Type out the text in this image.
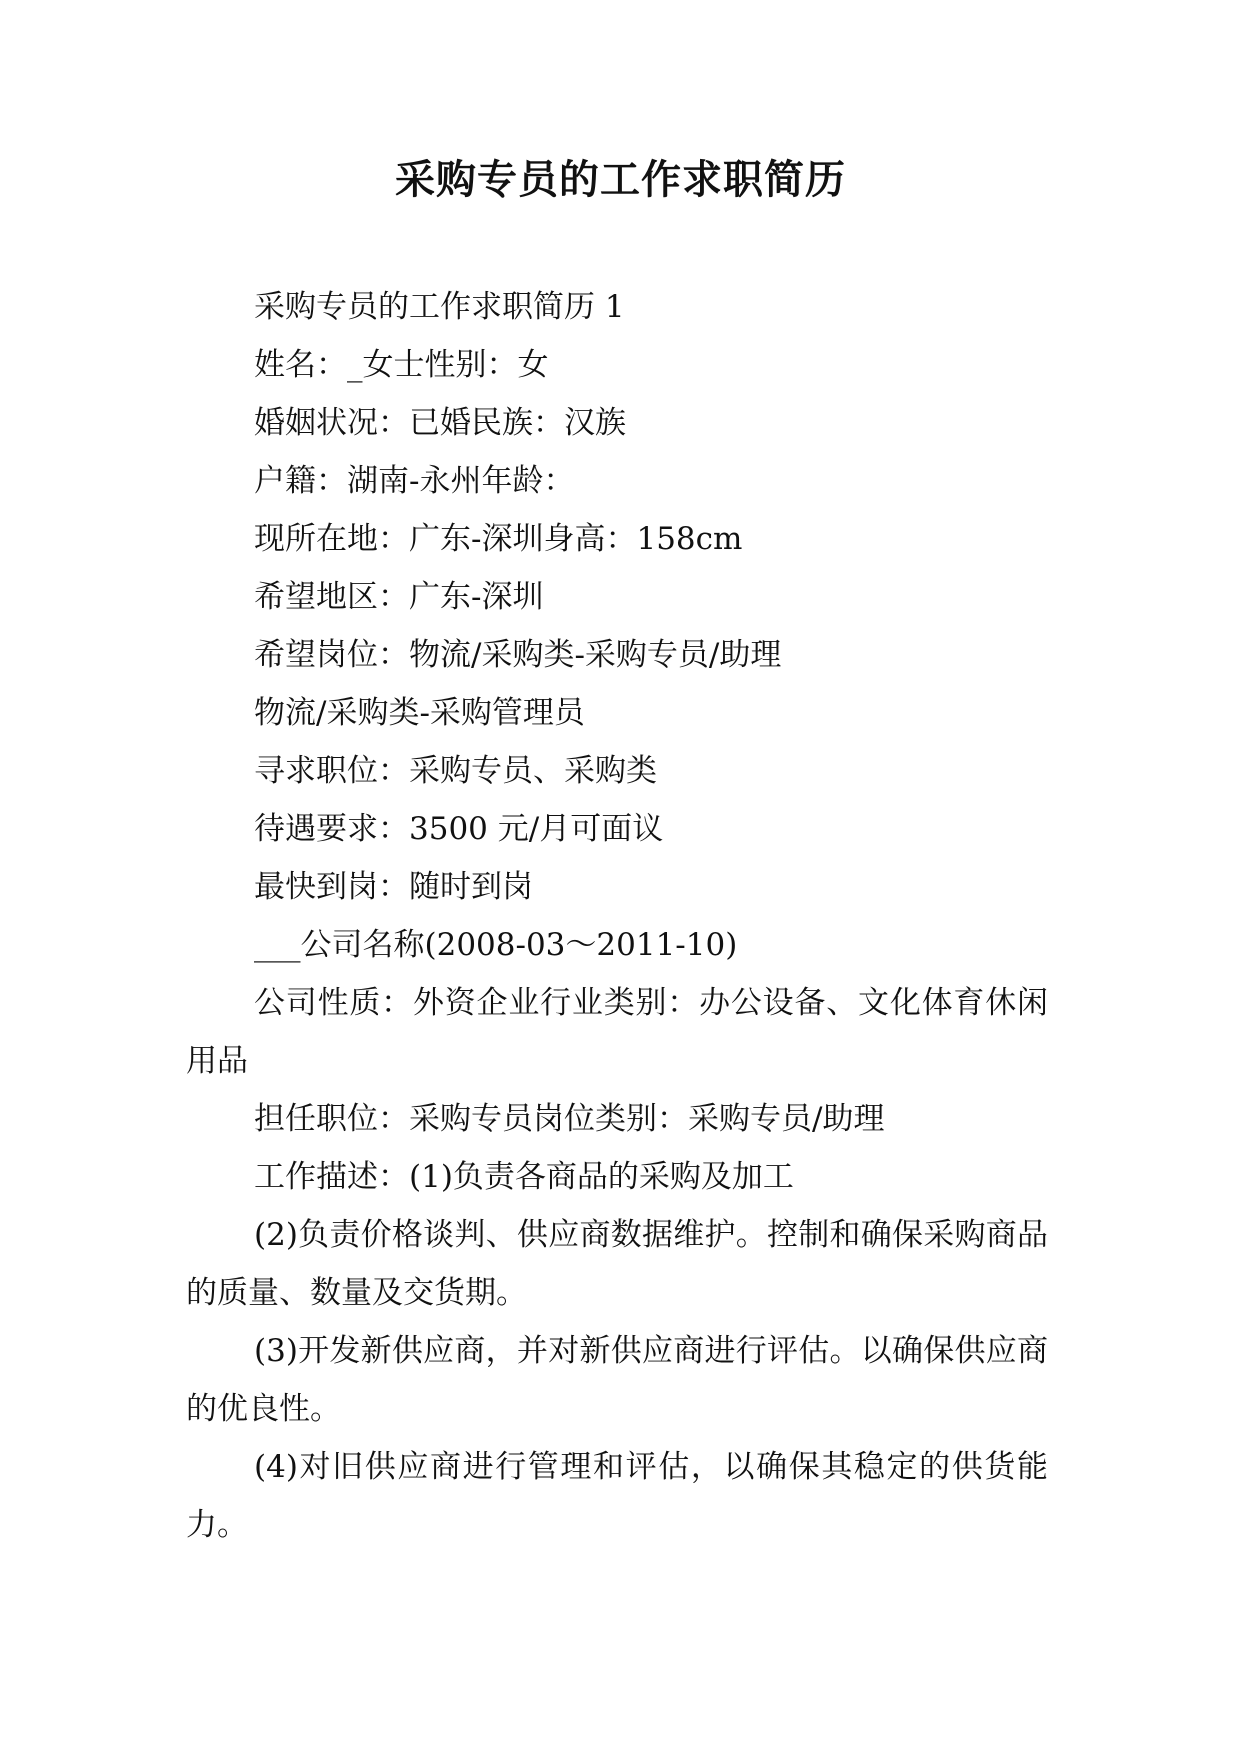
采购专员的工作求职简历

采购专员的工作求职简历 1

姓名：_女士性别：女

婚姻状况：已婚民族：汉族

户籍：湖南-永州年龄：

现所在地：广东-深圳身高：158cm

希望地区：广东-深圳

希望岗位：物流/采购类-采购专员/助理

物流/采购类-采购管理员

寻求职位：采购专员、采购类

待遇要求：3500 元/月可面议

最快到岗：随时到岗

___公司名称(2008-03～2011-10)

公司性质：外资企业行业类别：办公设备、文化体育休闲用品

担任职位：采购专员岗位类别：采购专员/助理

工作描述：(1)负责各商品的采购及加工

(2)负责价格谈判、供应商数据维护。控制和确保采购商品的质量、数量及交货期。

(3)开发新供应商，并对新供应商进行评估。以确保供应商的优良性。

(4)对旧供应商进行管理和评估，以确保其稳定的供货能力。
